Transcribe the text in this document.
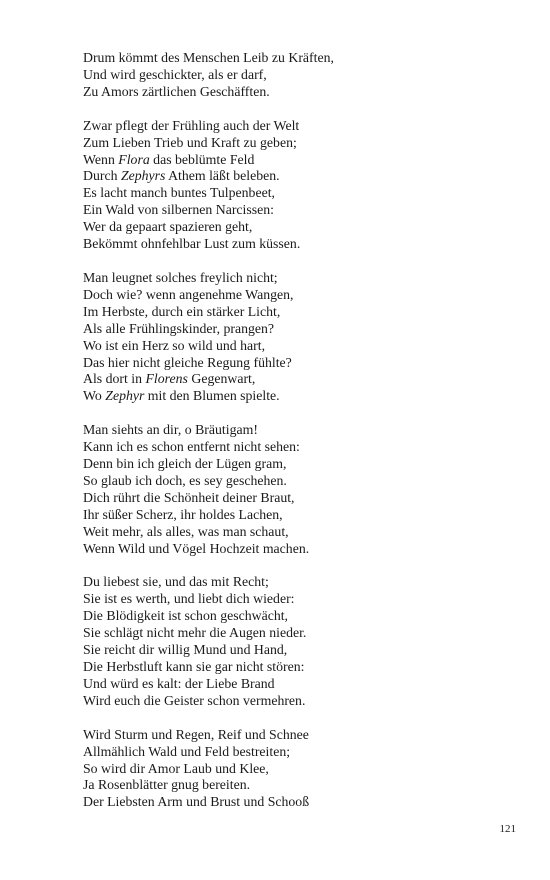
Drum kömmt des Menschen Leib zu Kräften,
Und wird geschickter, als er darf,
Zu Amors zärtlichen Geschäfften.
Zwar pflegt der Frühling auch der Welt
Zum Lieben Trieb und Kraft zu geben;
Wenn Flora das beblümte Feld
Durch Zephyrs Athem läßt beleben.
Es lacht manch buntes Tulpenbeet,
Ein Wald von silbernen Narcissen:
Wer da gepaart spazieren geht,
Bekömmt ohnfehlbar Lust zum küssen.
Man leugnet solches freylich nicht;
Doch wie? wenn angenehme Wangen,
Im Herbste, durch ein stärker Licht,
Als alle Frühlingskinder, prangen?
Wo ist ein Herz so wild und hart,
Das hier nicht gleiche Regung fühlte?
Als dort in Florens Gegenwart,
Wo Zephyr mit den Blumen spielte.
Man siehts an dir, o Bräutigam!
Kann ich es schon entfernt nicht sehen:
Denn bin ich gleich der Lügen gram,
So glaub ich doch, es sey geschehen.
Dich rührt die Schönheit deiner Braut,
Ihr süßer Scherz, ihr holdes Lachen,
Weit mehr, als alles, was man schaut,
Wenn Wild und Vögel Hochzeit machen.
Du liebest sie, und das mit Recht;
Sie ist es werth, und liebt dich wieder:
Die Blödigkeit ist schon geschwächt,
Sie schlägt nicht mehr die Augen nieder.
Sie reicht dir willig Mund und Hand,
Die Herbstluft kann sie gar nicht stören:
Und würd es kalt: der Liebe Brand
Wird euch die Geister schon vermehren.
Wird Sturm und Regen, Reif und Schnee
Allmählich Wald und Feld bestreiten;
So wird dir Amor Laub und Klee,
Ja Rosenblätter gnug bereiten.
Der Liebsten Arm und Brust und Schooß
121
